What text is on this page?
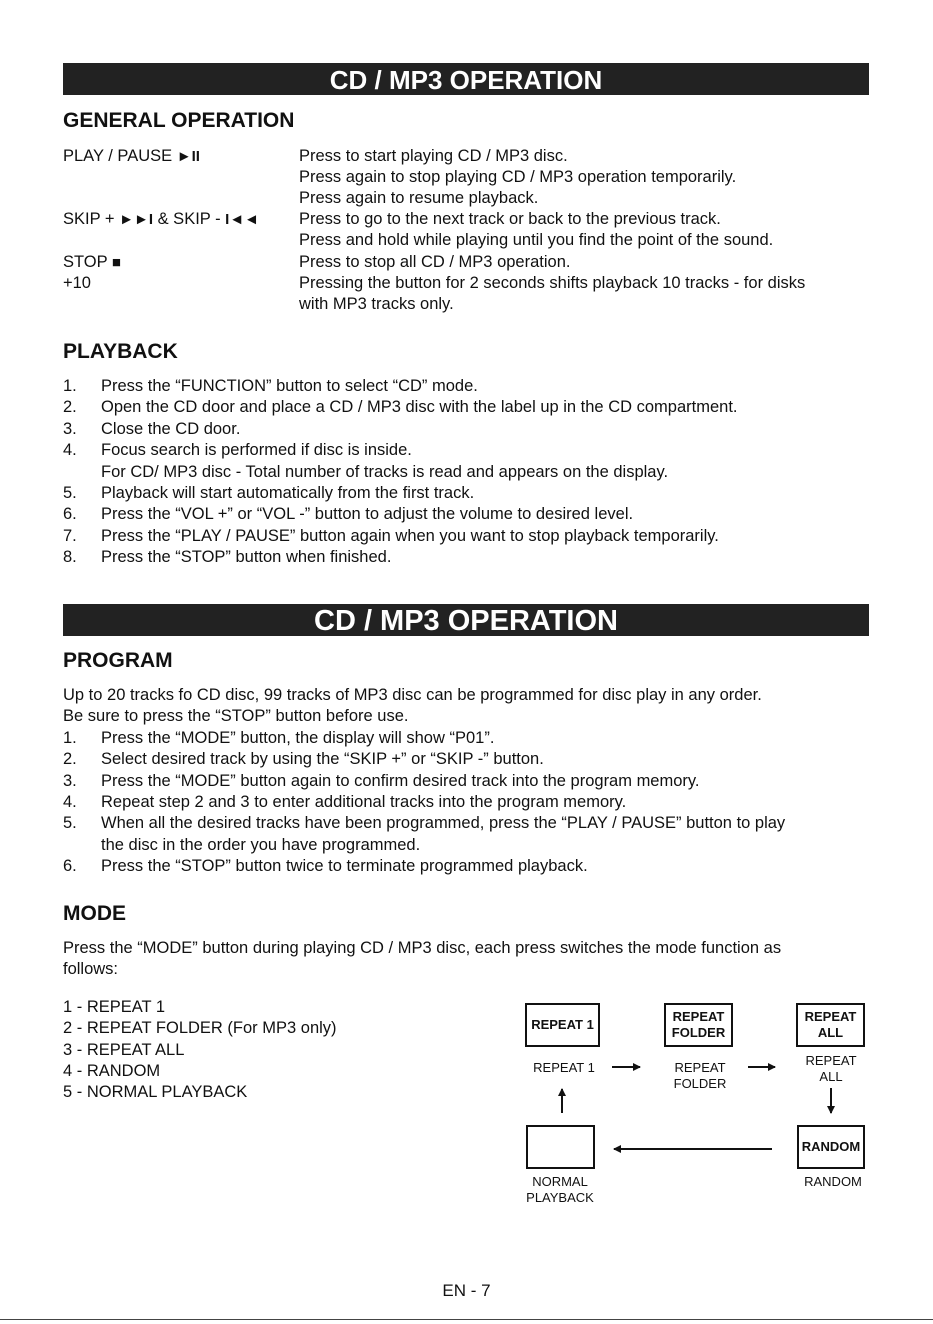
CD / MP3 OPERATION
GENERAL OPERATION
PLAY / PAUSE ►II	Press to start playing CD / MP3 disc.
Press again to stop playing CD / MP3 operation temporarily.
Press again to resume playback.
SKIP + ►►I & SKIP - I◄◄ Press to go to the next track or back to the previous track.
Press and hold while playing until you find the point of the sound.
STOP ■	Press to stop all CD / MP3 operation.
+10	Pressing the button for 2 seconds shifts playback 10 tracks - for disks
with MP3 tracks only.
PLAYBACK
1. Press the “FUNCTION” button to select “CD” mode.
2. Open the CD door and place a CD / MP3 disc with the label up in the CD compartment.
3. Close the CD door.
4. Focus search is performed if disc is inside.
For CD/ MP3 disc - Total number of tracks is read and appears on the display.
5. Playback will start automatically from the first track.
6. Press the “VOL +” or “VOL -” button to adjust the volume to desired level.
7. Press the “PLAY / PAUSE” button again when you want to stop playback temporarily.
8. Press the “STOP” button when finished.
CD / MP3 OPERATION
PROGRAM
Up to 20 tracks fo CD disc, 99 tracks of MP3 disc can be programmed for disc play in any order.
Be sure to press the “STOP” button before use.
1. Press the “MODE” button, the display will show “P01”.
2. Select desired track by using the “SKIP +” or “SKIP -” button.
3. Press the “MODE” button again to confirm desired track into the program memory.
4. Repeat step 2 and 3 to enter additional tracks into the program memory.
5. When all the desired tracks have been programmed, press the “PLAY / PAUSE” button to play
the disc in the order you have programmed.
6. Press the “STOP” button twice to terminate programmed playback.
MODE
Press the “MODE” button during playing CD / MP3 disc, each press switches the mode function as
follows:
1 - REPEAT 1
2 - REPEAT FOLDER (For MP3 only)
3 - REPEAT ALL
4 - RANDOM
5 - NORMAL PLAYBACK
REPEAT 1
REPEAT
FOLDER
REPEAT
ALL
RANDOM
REPEAT 1	REPEAT
FOLDER
REPEAT
ALL
RANDOM
NORMAL
PLAYBACK
EN - 7
